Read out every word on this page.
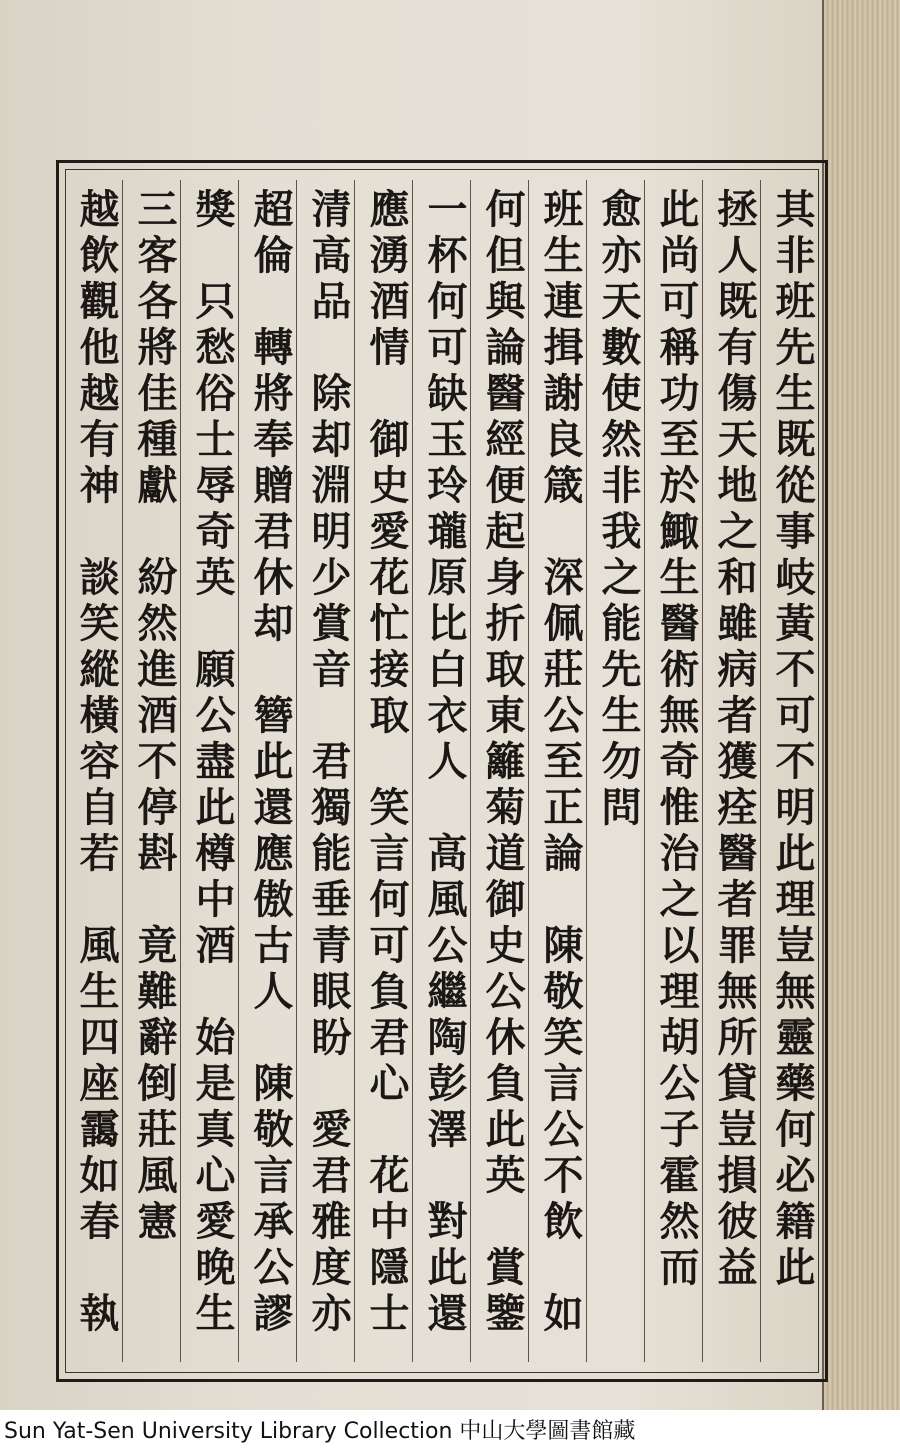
其非班先生既從事岐黃不可不明此理豈無靈藥何必籍此
拯人既有傷天地之和雖病者獲痊醫者罪無所貸豈損彼益
此尚可稱功至於鯫生醫術無奇惟治之以理胡公子霍然而
愈亦天數使然非我之能先生勿問
班生連揖謝良箴　深佩莊公至正論　陳敬笑言公不飲　如
何但與論醫經便起身折取東籬菊道御史公休負此英　賞鑒
一杯何可缺玉玲瓏原比白衣人　高風公繼陶彭澤　對此還
應湧酒情　御史愛花忙接取　笑言何可負君心　花中隱士
清高品　除却淵明少賞音　君獨能垂青眼盼　愛君雅度亦
超倫　轉將奉贈君休却　簪此還應傲古人　陳敬言承公謬
獎　只愁俗士辱奇英　願公盡此樽中酒　始是真心愛晚生
三客各將佳種獻　紛然進酒不停斟　竟難辭倒莊風憲
越飲觀他越有神　談笑縱橫容自若　風生四座靄如春　執
Sun Yat-Sen University Library Collection 中山大學圖書館藏
